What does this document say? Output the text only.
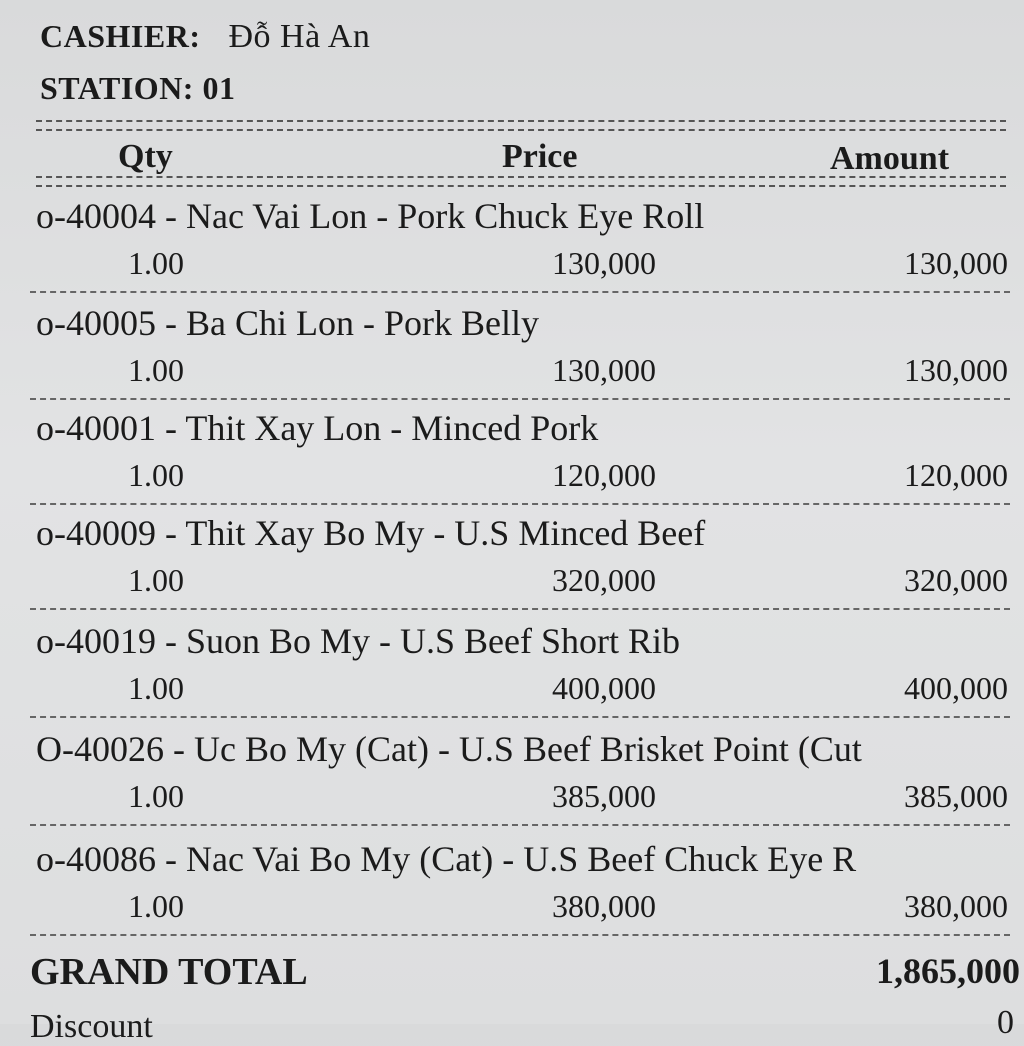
CASHIER: Đỗ Hà An
STATION: 01
Qty	Price	Amount
o-40004 - Nac Vai Lon - Pork Chuck Eye Roll
1.00	130,000	130,000
o-40005 - Ba Chi Lon - Pork Belly
1.00	130,000	130,000
o-40001 - Thit Xay Lon - Minced Pork
1.00	120,000	120,000
o-40009 - Thit Xay Bo My - U.S Minced Beef
1.00	320,000	320,000
o-40019 - Suon Bo My - U.S Beef Short Rib
1.00	400,000	400,000
O-40026 - Uc Bo My (Cat) - U.S Beef Brisket Point (Cut
1.00	385,000	385,000
o-40086 - Nac Vai Bo My (Cat) - U.S Beef Chuck Eye R
1.00	380,000	380,000
GRAND TOTAL	1,865,000
Discount	0
